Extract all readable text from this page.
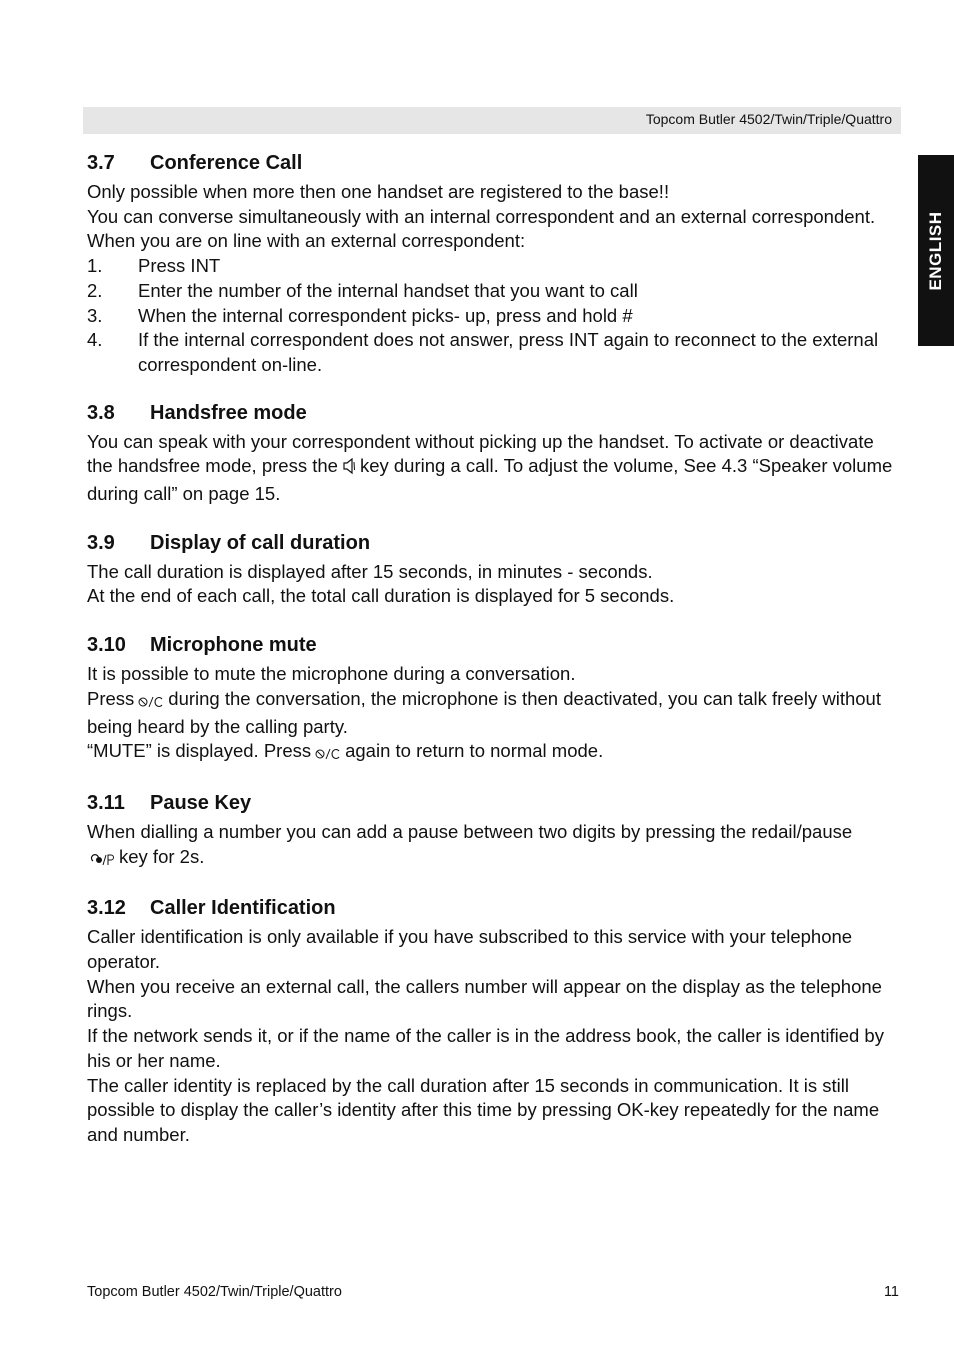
Topcom Butler 4502/Twin/Triple/Quattro
ENGLISH
3.7	Conference Call

Only possible when more then one handset are registered to the base!!

You can converse simultaneously with an internal correspondent and an external correspondent.

When you are on line with an external correspondent:

1.	Press INT
2.	Enter the number of the internal handset that you want to call
3.	When the internal correspondent picks- up, press and hold #
4.	If the internal correspondent does not answer, press INT again to reconnect to the external correspondent on-line.
3.8	Handsfree mode

You can speak with your correspondent without picking up the handset. To activate or deactivate the handsfree mode, press the key during a call. To adjust the volume, See 4.3 “Speaker volume during call” on page 15.

3.9	Display of call duration

The call duration is displayed after 15 seconds, in minutes - seconds.

At the end of each call, the total call duration is displayed for 5 seconds.

3.10	Microphone mute

It is possible to mute the microphone during a conversation.

Press during the conversation, the microphone is then deactivated, you can talk freely without being heard by the calling party.

“MUTE” is displayed. Press again to return to normal mode.

3.11	Pause Key

When dialling a number you can add a pause between two digits by pressing the redail/pause
key for 2s.

3.12	Caller Identification

Caller identification is only available if you have subscribed to this service with your telephone operator.

When you receive an external call, the callers number will appear on the display as the telephone rings.

If the network sends it, or if the name of the caller is in the address book, the caller is identified by his or her name.

The caller identity is replaced by the call duration after 15 seconds in communication. It is still possible to display the caller’s identity after this time by pressing OK-key repeatedly for the name and number.

Topcom Butler 4502/Twin/Triple/Quattro	11
